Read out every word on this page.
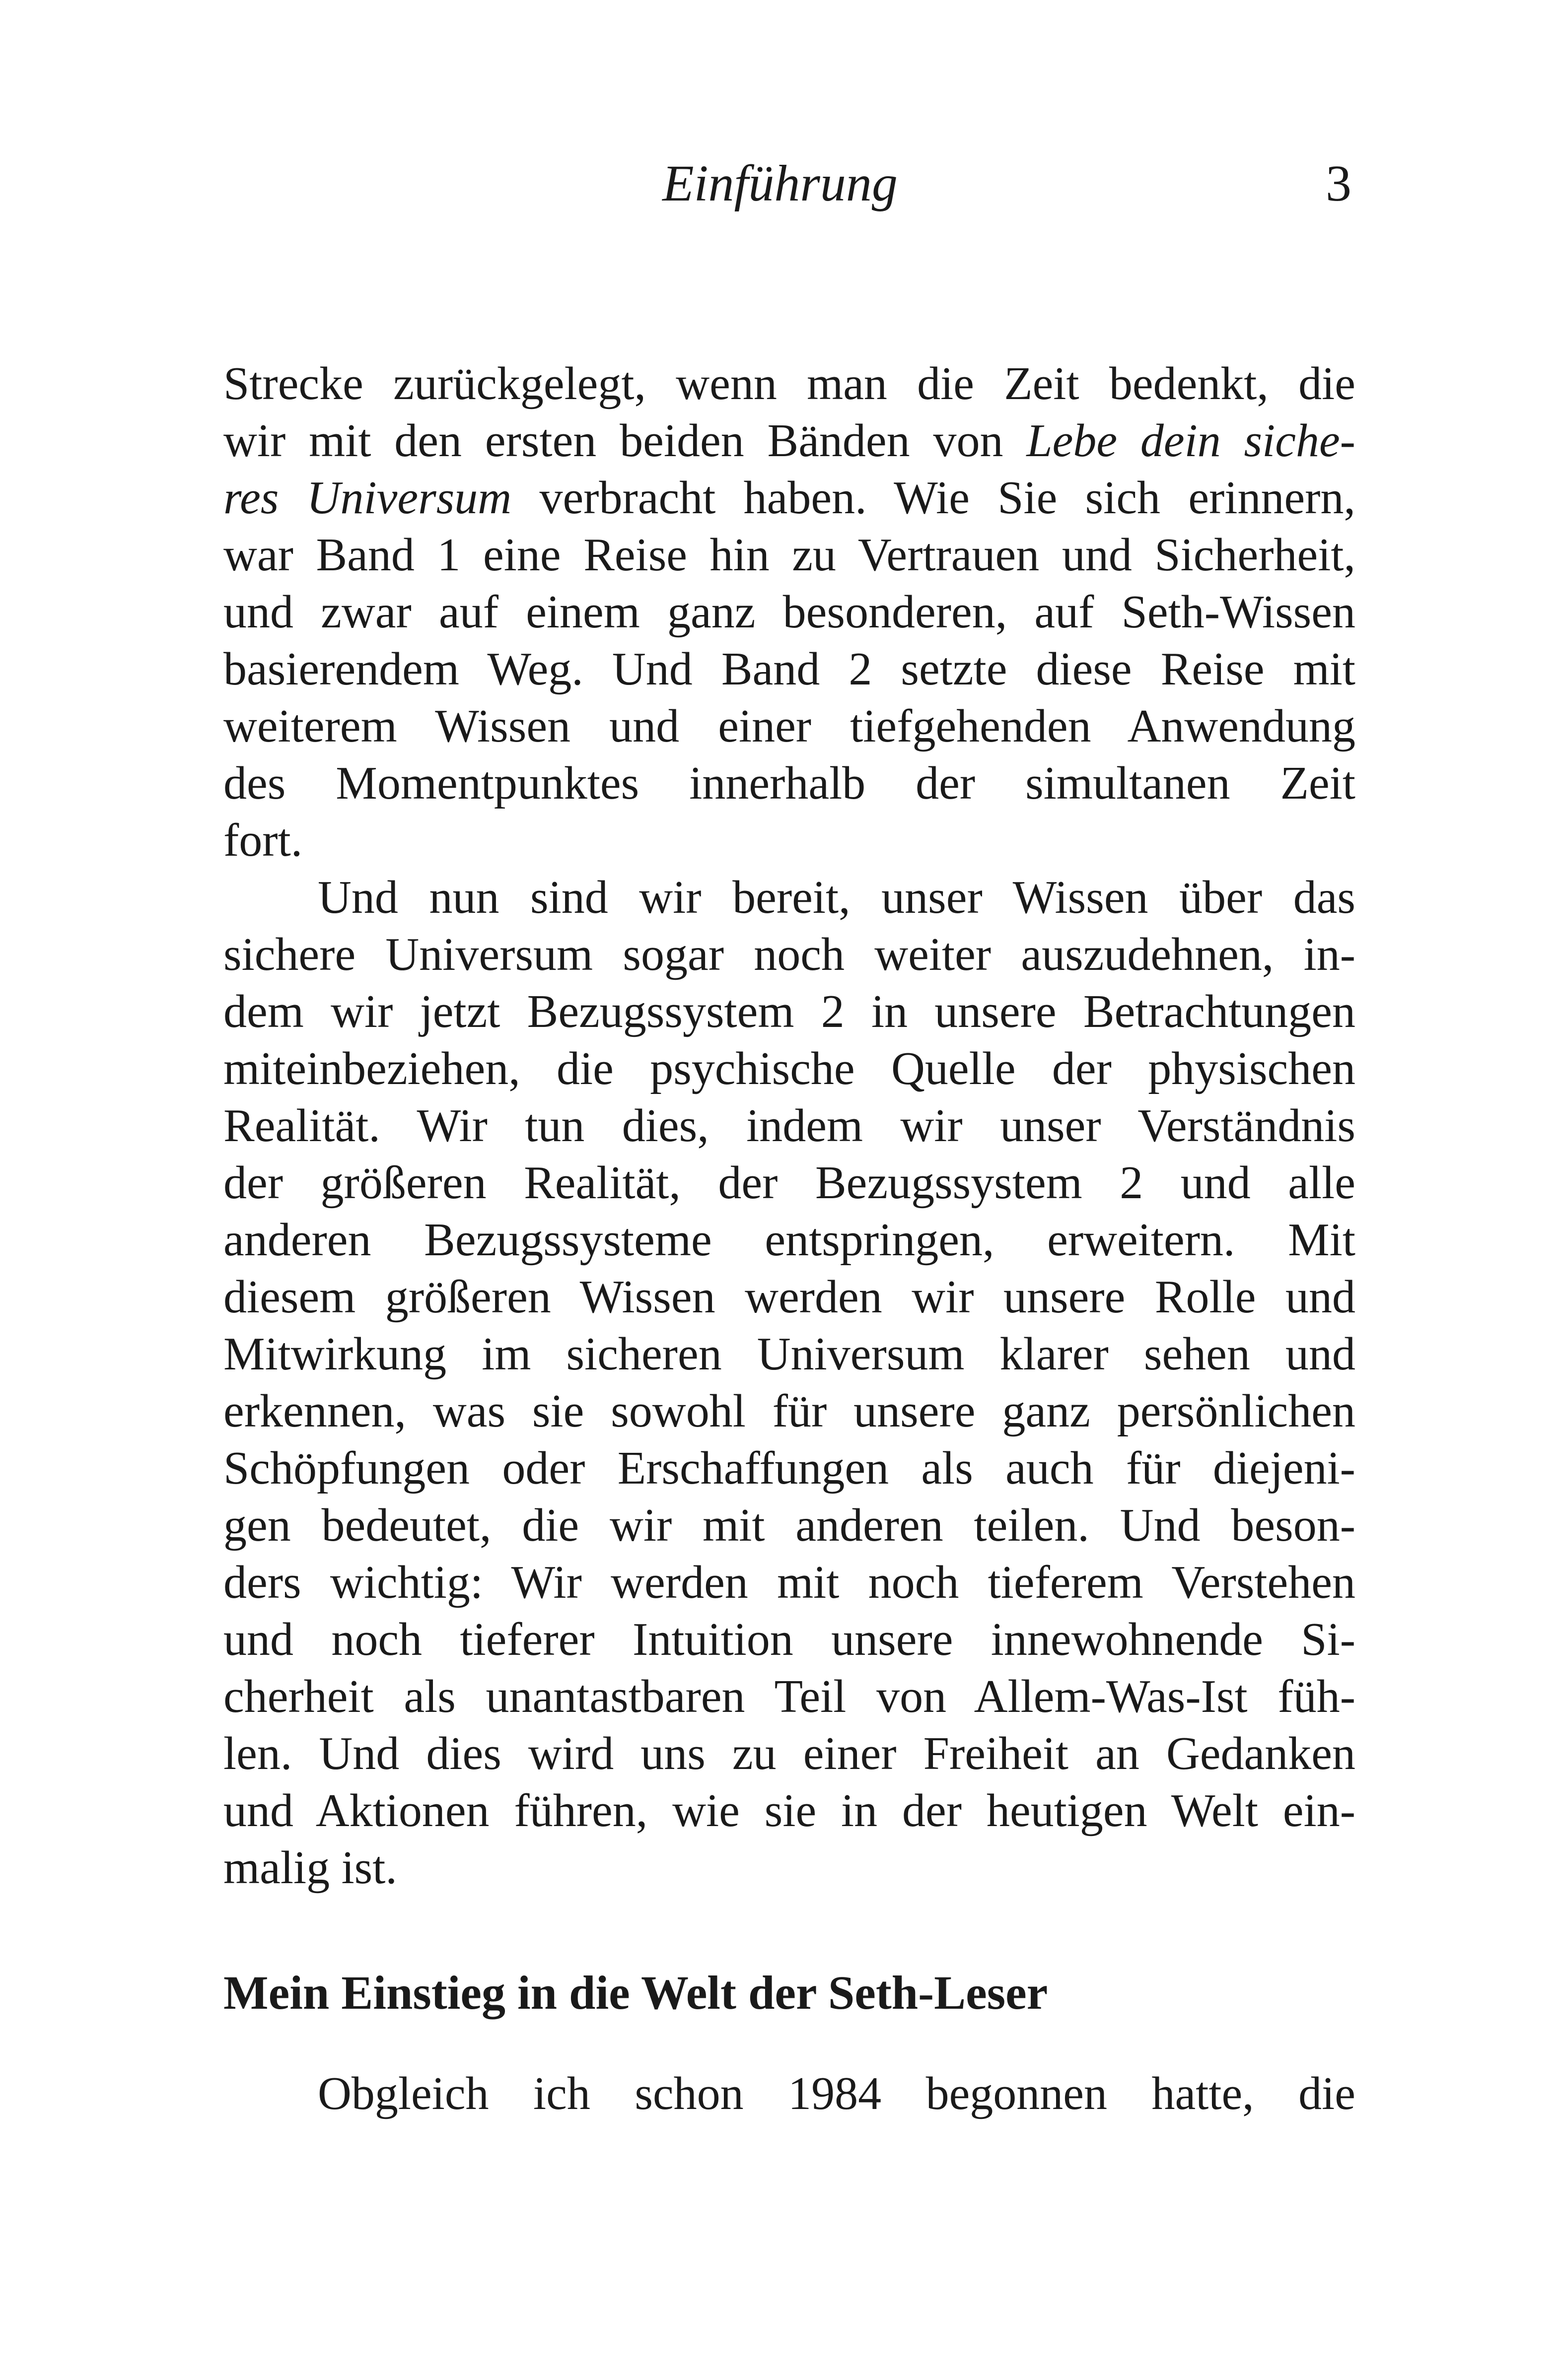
Einführung	3
Strecke zurückgelegt, wenn man die Zeit bedenkt, die
wir mit den ersten beiden Bänden von Lebe dein siche-
res Universum verbracht haben. Wie Sie sich erinnern,
war Band 1 eine Reise hin zu Vertrauen und Sicherheit,
und zwar auf einem ganz besonderen, auf Seth-Wissen
basierendem Weg. Und Band 2 setzte diese Reise mit
weiterem Wissen und einer tiefgehenden Anwendung
des Momentpunktes innerhalb der simultanen Zeit
fort.
Und nun sind wir bereit, unser Wissen über das
sichere Universum sogar noch weiter auszudehnen, in-
dem wir jetzt Bezugssystem 2 in unsere Betrachtungen
miteinbeziehen, die psychische Quelle der physischen
Realität. Wir tun dies, indem wir unser Verständnis
der größeren Realität, der Bezugssystem 2 und alle
anderen Bezugssysteme entspringen, erweitern. Mit
diesem größeren Wissen werden wir unsere Rolle und
Mitwirkung im sicheren Universum klarer sehen und
erkennen, was sie sowohl für unsere ganz persönlichen
Schöpfungen oder Erschaffungen als auch für diejeni-
gen bedeutet, die wir mit anderen teilen. Und beson-
ders wichtig: Wir werden mit noch tieferem Verstehen
und noch tieferer Intuition unsere innewohnende Si-
cherheit als unantastbaren Teil von Allem-Was-Ist füh-
len. Und dies wird uns zu einer Freiheit an Gedanken
und Aktionen führen, wie sie in der heutigen Welt ein-
malig ist.
Mein Einstieg in die Welt der Seth-Leser
Obgleich ich schon 1984 begonnen hatte, die
